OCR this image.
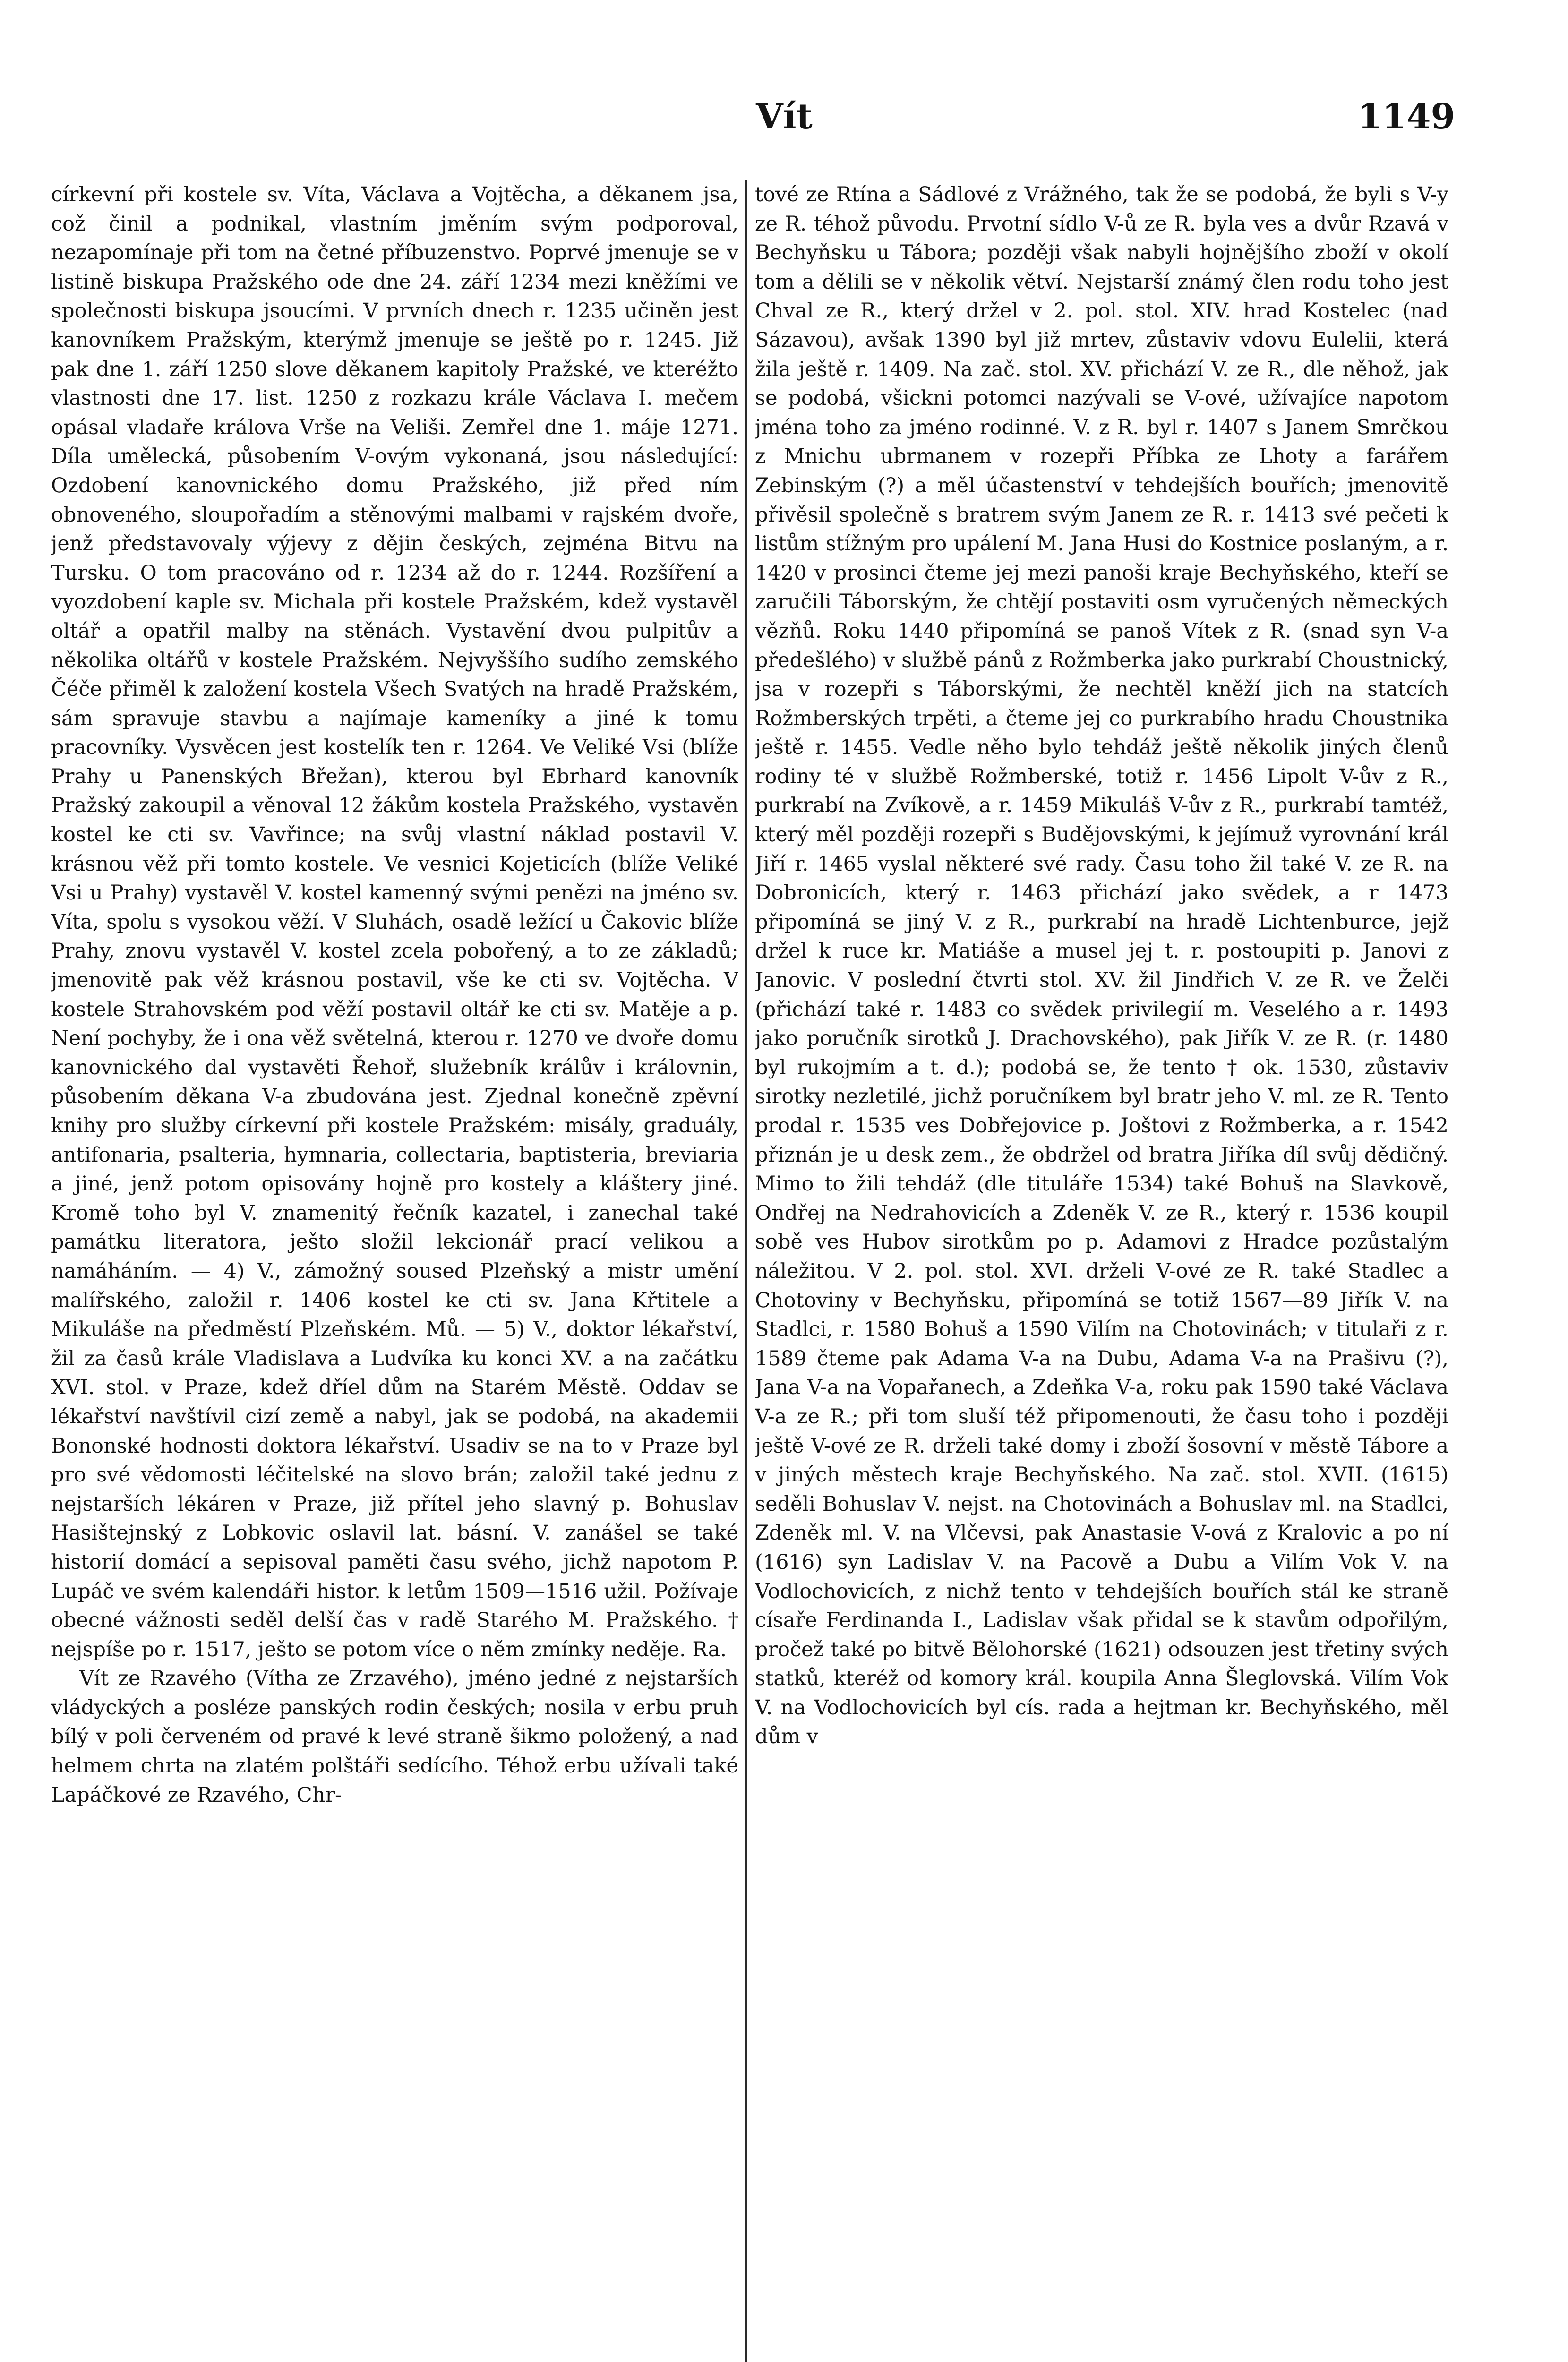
Vít	1149

církevní při kostele sv. Víta, Václava a Vojtěcha, a děkanem jsa, což činil a podnikal, vlastním jměním svým podporoval, nezapomínaje při tom na četné příbuzenstvo. Poprvé jmenuje se v listině biskupa Pražského ode dne 24. září 1234 mezi kněžími ve společnosti biskupa jsoucími. V prvních dnech r. 1235 učiněn jest kanovníkem Pražským, kterýmž jmenuje se ještě po r. 1245. Již pak dne 1. září 1250 slove děkanem kapitoly Pražské, ve kteréžto vlastnosti dne 17. list. 1250 z rozkazu krále Václava I. mečem opásal vladaře králova Vrše na Veliši. Zemřel dne 1. máje 1271. Díla umělecká, působením V-ovým vykonaná, jsou následující: Ozdobení kanovnického domu Pražského, již před ním obnoveného, sloupořadím a stěnovými malbami v rajském dvoře, jenž představovaly výjevy z dějin českých, zejména Bitvu na Tursku. O tom pracováno od r. 1234 až do r. 1244. Rozšíření a vyozdobení kaple sv. Michala při kostele Pražském, kdež vystavěl oltář a opatřil malby na stěnách. Vystavění dvou pulpitův a několika oltářů v kostele Pražském. Nejvyššího sudího zemského Čéče přiměl k založení kostela Všech Svatých na hradě Pražském, sám spravuje stavbu a najímaje kameníky a jiné k tomu pracovníky. Vysvěcen jest kostelík ten r. 1264. Ve Veliké Vsi (blíže Prahy u Panenských Břežan), kterou byl Ebrhard kanovník Pražský zakoupil a věnoval 12 žákům kostela Pražského, vystavěn kostel ke cti sv. Vavřince; na svůj vlastní náklad postavil V. krásnou věž při tomto kostele. Ve vesnici Kojeticích (blíže Veliké Vsi u Prahy) vystavěl V. kostel kamenný svými penězi na jméno sv. Víta, spolu s vysokou věží. V Sluhách, osadě ležící u Čakovic blíže Prahy, znovu vystavěl V. kostel zcela pobořený, a to ze základů; jmenovitě pak věž krásnou postavil, vše ke cti sv. Vojtěcha. V kostele Strahovském pod věží postavil oltář ke cti sv. Matěje a p. Není pochyby, že i ona věž světelná, kterou r. 1270 ve dvoře domu kanovnického dal vystavěti Řehoř, služebník králův i královnin, působením děkana V-a zbudována jest. Zjednal konečně zpěvní knihy pro služby církevní při kostele Pražském: misály, graduály, antifonaria, psalteria, hymnaria, collectaria, baptisteria, breviaria a jiné, jenž potom opisovány hojně pro kostely a kláštery jiné. Kromě toho byl V. znamenitý řečník kazatel, i zanechal také památku literatora, ješto složil lekcionář prací velikou a namáháním. — 4) V., zámožný soused Plzeňský a mistr umění malířského, založil r. 1406 kostel ke cti sv. Jana Křtitele a Mikuláše na předměstí Plzeňském. Mů. — 5) V., doktor lékařství, žil za časů krále Vladislava a Ludvíka ku konci XV. a na začátku XVI. stol. v Praze, kdež dříel dům na Starém Městě. Oddav se lékařství navštívil cizí země a nabyl, jak se podobá, na akademii Bononské hodnosti doktora lékařství. Usadiv se na to v Praze byl pro své vědomosti léčitelské na slovo brán; založil také jednu z nejstarších lékáren v Praze, již přítel jeho slavný p. Bohuslav Hasištejnský z Lobkovic oslavil lat. básní. V. zanášel se také historií domácí a sepisoval paměti času svého, jichž napotom P. Lupáč ve svém kalendáři histor. k letům 1509—1516 užil. Požívaje obecné vážnosti seděl delší čas v radě Starého M. Pražského. † nejspíše po r. 1517, ješto se potom více o něm zmínky neděje. Ra.

Vít ze Rzavého (Vítha ze Zrzavého), jméno jedné z nejstarších vládyckých a posléze panských rodin českých; nosila v erbu pruh bílý v poli červeném od pravé k levé straně šikmo položený, a nad helmem chrta na zlatém polštáři sedícího. Téhož erbu užívali také Lapáčkové ze Rzavého, Chr-

tové ze Rtína a Sádlové z Vrážného, tak že se podobá, že byli s V-y ze R. téhož původu. Prvotní sídlo V-ů ze R. byla ves a dvůr Rzavá v Bechyňsku u Tábora; později však nabyli hojnějšího zboží v okolí tom a dělili se v několik větví. Nejstarší známý člen rodu toho jest Chval ze R., který držel v 2. pol. stol. XIV. hrad Kostelec (nad Sázavou), avšak 1390 byl již mrtev, zůstaviv vdovu Eulelii, která žila ještě r. 1409. Na zač. stol. XV. přichází V. ze R., dle něhož, jak se podobá, všickni potomci nazývali se V-ové, užívajíce napotom jména toho za jméno rodinné. V. z R. byl r. 1407 s Janem Smrčkou z Mnichu ubrmanem v rozepři Příbka ze Lhoty a farářem Zebinským (?) a měl účastenství v tehdejších bouřích; jmenovitě přivěsil společně s bratrem svým Janem ze R. r. 1413 své pečeti k listům stížným pro upálení M. Jana Husi do Kostnice poslaným, a r. 1420 v prosinci čteme jej mezi panoši kraje Bechyňského, kteří se zaručili Táborským, že chtějí postaviti osm vyručených německých vězňů. Roku 1440 připomíná se panoš Vítek z R. (snad syn V-a předešlého) v službě pánů z Rožmberka jako purkrabí Choustnický, jsa v rozepři s Táborskými, že nechtěl kněží jich na statcích Rožmberských trpěti, a čteme jej co purkrabího hradu Choustnika ještě r. 1455. Vedle něho bylo tehdáž ještě několik jiných členů rodiny té v službě Rožmberské, totiž r. 1456 Lipolt V-ův z R., purkrabí na Zvíkově, a r. 1459 Mikuláš V-ův z R., purkrabí tamtéž, který měl později rozepři s Budějovskými, k jejímuž vyrovnání král Jiří r. 1465 vyslal některé své rady. Času toho žil také V. ze R. na Dobronicích, který r. 1463 přichází jako svědek, a r 1473 připomíná se jiný V. z R., purkrabí na hradě Lichtenburce, jejž držel k ruce kr. Matiáše a musel jej t. r. postoupiti p. Janovi z Janovic. V poslední čtvrti stol. XV. žil Jindřich V. ze R. ve Želči (přichází také r. 1483 co svědek privilegií m. Veselého a r. 1493 jako poručník sirotků J. Drachovského), pak Jiřík V. ze R. (r. 1480 byl rukojmím a t. d.); podobá se, že tento † ok. 1530, zůstaviv sirotky nezletilé, jichž poručníkem byl bratr jeho V. ml. ze R. Tento prodal r. 1535 ves Dobřejovice p. Joštovi z Rožmberka, a r. 1542 přiznán je u desk zem., že obdržel od bratra Jiříka díl svůj dědičný. Mimo to žili tehdáž (dle titulářе 1534) také Bohuš na Slavkově, Ondřej na Nedrahovicích a Zdeněk V. ze R., který r. 1536 koupil sobě ves Hubov sirotkům po p. Adamovi z Hradce pozůstalým náležitou. V 2. pol. stol. XVI. drželi V-ové ze R. také Stadlec a Chotoviny v Bechyňsku, připomíná se totiž 1567—89 Jiřík V. na Stadlci, r. 1580 Bohuš a 1590 Vilím na Chotovinách; v titulaři z r. 1589 čteme pak Adama V-a na Dubu, Adama V-a na Prašivu (?), Jana V-a na Vopařanech, a Zdeňka V-a, roku pak 1590 také Václava V-a ze R.; při tom sluší též připomenouti, že času toho i později ještě V-ové ze R. drželi také domy i zboží šosovní v městě Tábore a v jiných městech kraje Bechyňského. Na zač. stol. XVII. (1615) seděli Bohuslav V. nejst. na Chotovinách a Bohuslav ml. na Stadlci, Zdeněk ml. V. na Vlčevsi, pak Anastasie V-ová z Kralovic a po ní (1616) syn Ladislav V. na Pacově a Dubu a Vilím Vok V. na Vodlochovicích, z nichž tento v tehdejších bouřích stál ke straně císaře Ferdinanda I., Ladislav však přidal se k stavům odpořilým, pročež také po bitvě Bělohorské (1621) odsouzen jest třetiny svých statků, kteréž od komory král. koupila Anna Šleglovská. Vilím Vok V. na Vodlochovicích byl cís. rada a hejtman kr. Bechyňského, měl dům v
